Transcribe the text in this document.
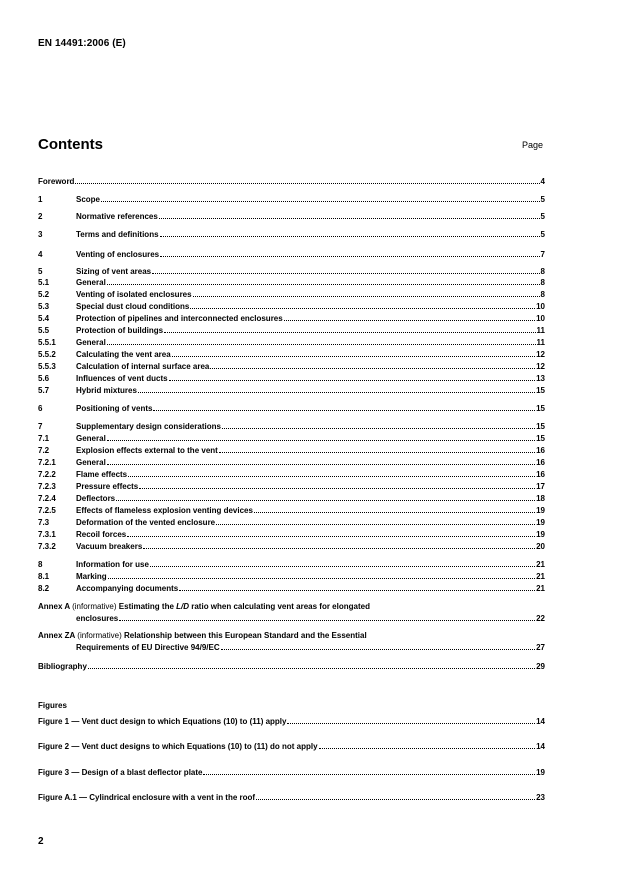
EN 14491:2006 (E)
Contents	Page
Foreword	4
1	Scope	5
2	Normative references	5
3	Terms and definitions	5
4	Venting of enclosures	7
5	Sizing of vent areas	8
5.1	General	8
5.2	Venting of isolated enclosures	8
5.3	Special dust cloud conditions	10
5.4	Protection of pipelines and interconnected enclosures	10
5.5	Protection of buildings	11
5.5.1	General	11
5.5.2	Calculating the vent area	12
5.5.3	Calculation of internal surface area	12
5.6	Influences of vent ducts	13
5.7	Hybrid mixtures	15
6	Positioning of vents	15
7	Supplementary design considerations	15
7.1	General	15
7.2	Explosion effects external to the vent	16
7.2.1	General	16
7.2.2	Flame effects	16
7.2.3	Pressure effects	17
7.2.4	Deflectors	18
7.2.5	Effects of flameless explosion venting devices	19
7.3	Deformation of the vented enclosure	19
7.3.1	Recoil forces	19
7.3.2	Vacuum breakers	20
8	Information for use	21
8.1	Marking	21
8.2	Accompanying documents	21
Annex A (informative) Estimating the L/D ratio when calculating vent areas for elongated
enclosures	22
Annex ZA (informative) Relationship between this European Standard and the Essential
Requirements of EU Directive 94/9/EC	27
Bibliography	29
Figures
Figure 1 — Vent duct design to which Equations (10) to (11) apply	14
Figure 2 — Vent duct designs to which Equations (10) to (11) do not apply	14
Figure 3 — Design of a blast deflector plate	19
Figure A.1 — Cylindrical enclosure with a vent in the roof	23
2
